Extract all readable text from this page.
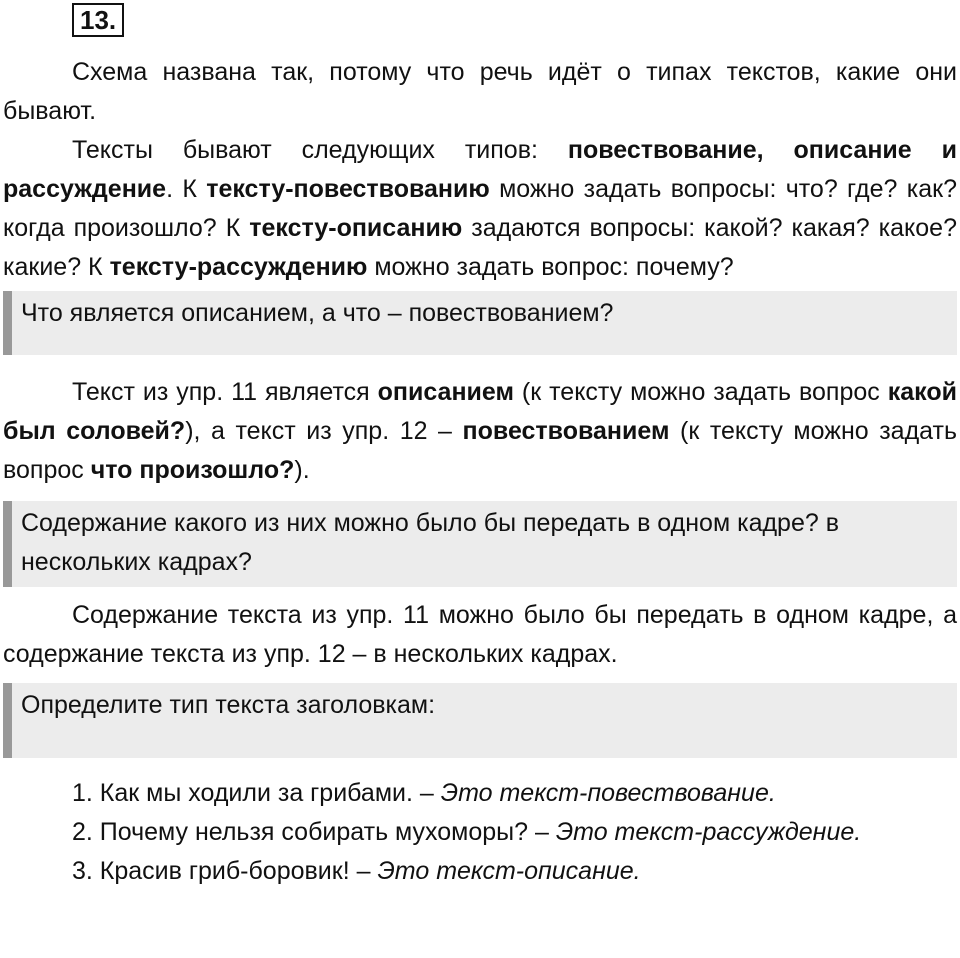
13.

Схема названа так, потому что речь идёт о типах текстов, какие они бывают.

Тексты бывают следующих типов: повествование, описание и рассуждение. К тексту-повествованию можно задать вопросы: что? где? как? когда произошло? К тексту-описанию задаются вопросы: какой? какая? какое? какие? К тексту-рассуждению можно задать вопрос: почему?

Что является описанием, а что – повествованием?

Текст из упр. 11 является описанием (к тексту можно задать вопрос какой был соловей?), а текст из упр. 12 – повествованием (к тексту можно задать вопрос что произошло?).

Содержание какого из них можно было бы передать в одном кадре? в нескольких кадрах?

Содержание текста из упр. 11 можно было бы передать в одном кадре, а содержание текста из упр. 12 – в нескольких кадрах.

Определите тип текста заголовкам:

1. Как мы ходили за грибами. – Это текст-повествование.

2. Почему нельзя собирать мухоморы? – Это текст-рассуждение.

3. Красив гриб-боровик! – Это текст-описание.
